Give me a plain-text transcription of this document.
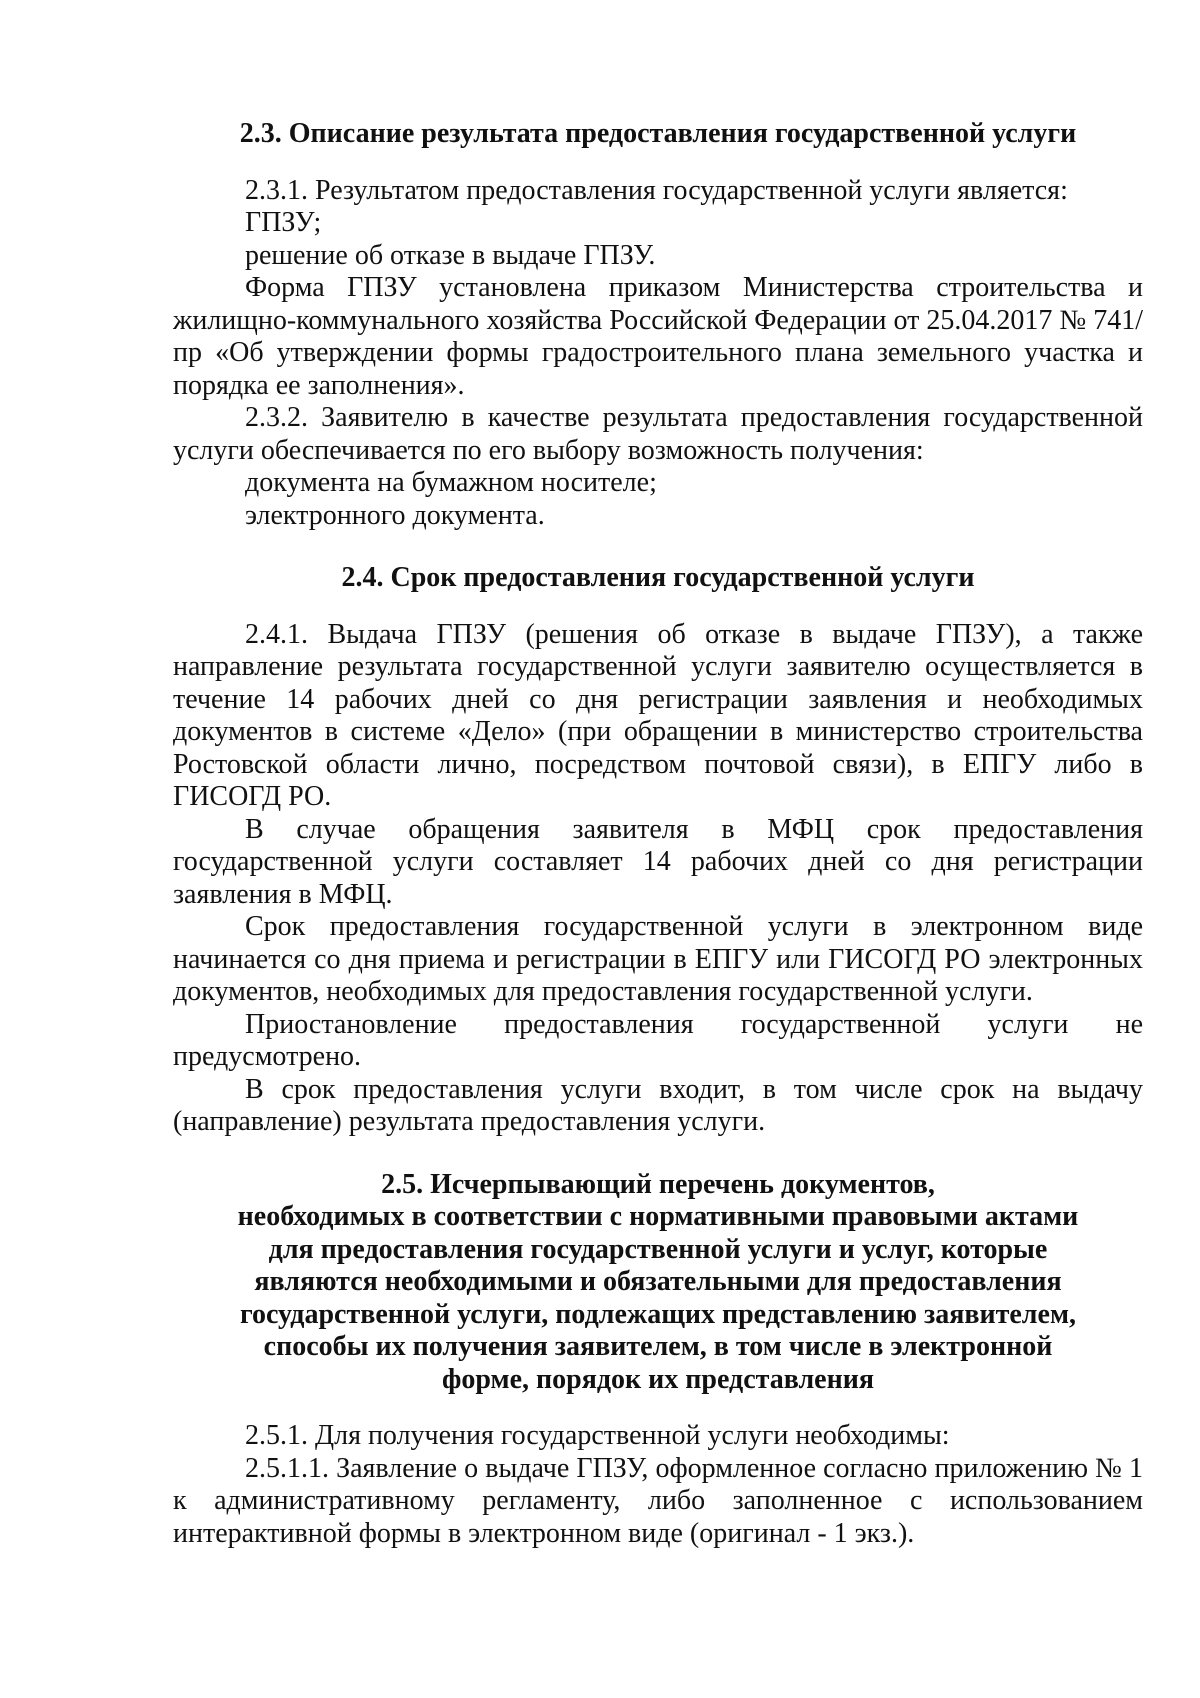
2.3. Описание результата предоставления государственной услуги

2.3.1. Результатом предоставления государственной услуги является:

ГПЗУ;

решение об отказе в выдаче ГПЗУ.

Форма ГПЗУ установлена приказом Министерства строительства и жилищно-коммунального хозяйства Российской Федерации от 25.04.2017 № 741/пр «Об утверждении формы градостроительного плана земельного участка и порядка ее заполнения».

2.3.2. Заявителю в качестве результата предоставления государственной услуги обеспечивается по его выбору возможность получения:

документа на бумажном носителе;

электронного документа.

2.4. Срок предоставления государственной услуги

2.4.1. Выдача ГПЗУ (решения об отказе в выдаче ГПЗУ), а также направление результата государственной услуги заявителю осуществляется в течение 14 рабочих дней со дня регистрации заявления и необходимых документов в системе «Дело» (при обращении в министерство строительства Ростовской области лично, посредством почтовой связи), в ЕПГУ либо в ГИСОГД РО.

В случае обращения заявителя в МФЦ срок предоставления государственной услуги составляет 14 рабочих дней со дня регистрации заявления в МФЦ.

Срок предоставления государственной услуги в электронном виде начинается со дня приема и регистрации в ЕПГУ или ГИСОГД РО электронных документов, необходимых для предоставления государственной услуги.

Приостановление предоставления государственной услуги не предусмотрено.

В срок предоставления услуги входит, в том числе срок на выдачу (направление) результата предоставления услуги.

2.5. Исчерпывающий перечень документов,
необходимых в соответствии с нормативными правовыми актами
для предоставления государственной услуги и услуг, которые
являются необходимыми и обязательными для предоставления
государственной услуги, подлежащих представлению заявителем,
способы их получения заявителем, в том числе в электронной
форме, порядок их представления

2.5.1. Для получения государственной услуги необходимы:

2.5.1.1. Заявление о выдаче ГПЗУ, оформленное согласно приложению № 1 к административному регламенту, либо заполненное с использованием интерактивной формы в электронном виде (оригинал - 1 экз.).
